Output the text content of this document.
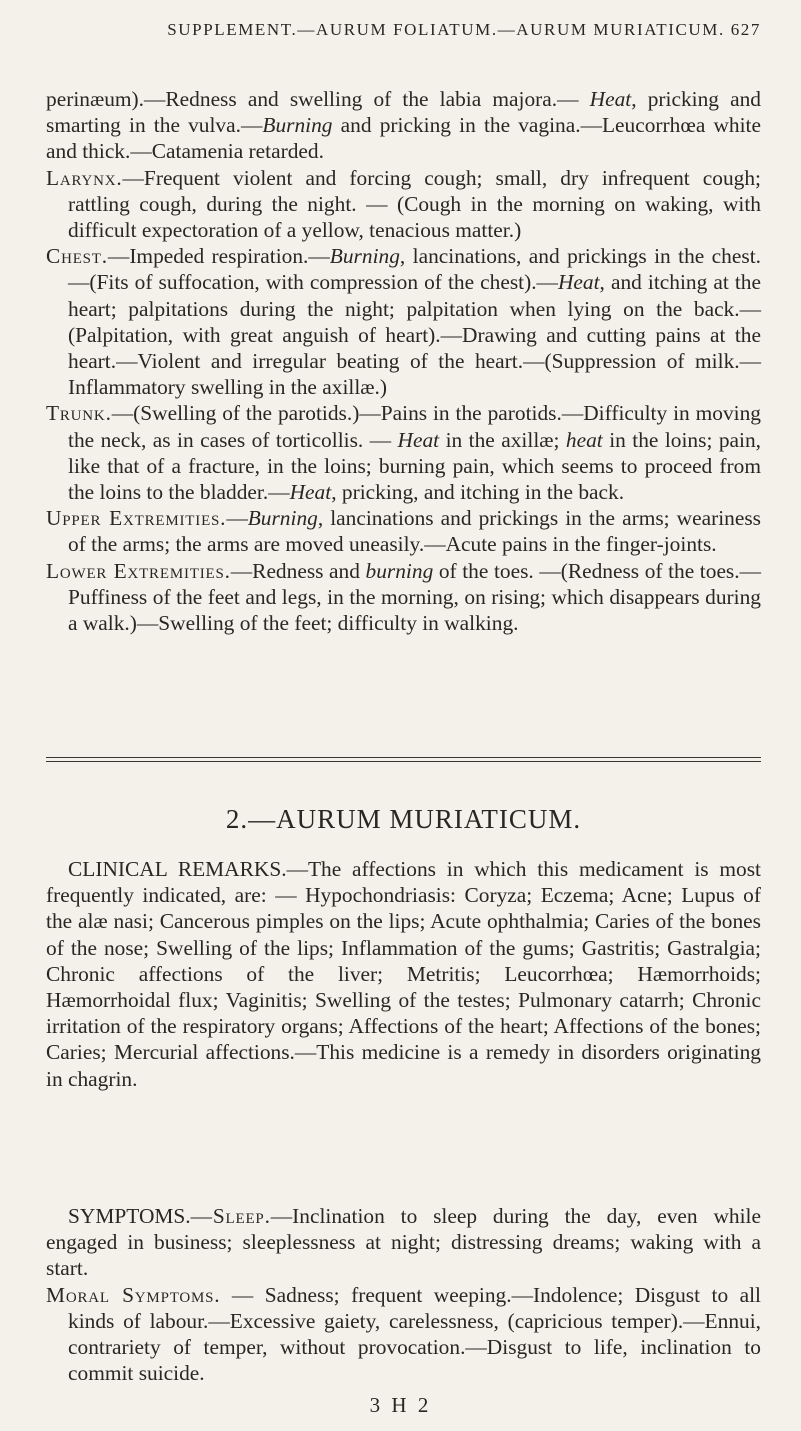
SUPPLEMENT.—AURUM FOLIATUM.—AURUM MURIATICUM. 627

perinæum).—Redness and swelling of the labia majora.— Heat, pricking and smarting in the vulva.—Burning and pricking in the vagina.—Leucorrhœa white and thick.—Catamenia retarded.

Larynx.—Frequent violent and forcing cough; small, dry infrequent cough; rattling cough, during the night. — (Cough in the morning on waking, with difficult expectoration of a yellow, tenacious matter.)

Chest.—Impeded respiration.—Burning, lancinations, and prickings in the chest.—(Fits of suffocation, with compression of the chest).—Heat, and itching at the heart; palpitations during the night; palpitation when lying on the back.—(Palpitation, with great anguish of heart).—Drawing and cutting pains at the heart.—Violent and irregular beating of the heart.—(Suppression of milk.—Inflammatory swelling in the axillæ.)

Trunk.—(Swelling of the parotids.)—Pains in the parotids.—Difficulty in moving the neck, as in cases of torticollis. — Heat in the axillæ; heat in the loins; pain, like that of a fracture, in the loins; burning pain, which seems to proceed from the loins to the bladder.—Heat, pricking, and itching in the back.

Upper Extremities.—Burning, lancinations and prickings in the arms; weariness of the arms; the arms are moved uneasily.—Acute pains in the finger-joints.

Lower Extremities.—Redness and burning of the toes. —(Redness of the toes.—Puffiness of the feet and legs, in the morning, on rising; which disappears during a walk.)—Swelling of the feet; difficulty in walking.

2.—AURUM MURIATICUM.

CLINICAL REMARKS.—The affections in which this medicament is most frequently indicated, are: — Hypochondriasis: Coryza; Eczema; Acne; Lupus of the alæ nasi; Cancerous pimples on the lips; Acute ophthalmia; Caries of the bones of the nose; Swelling of the lips; Inflammation of the gums; Gastritis; Gastralgia; Chronic affections of the liver; Metritis; Leucorrhœa; Hæmorrhoids; Hæmorrhoidal flux; Vaginitis; Swelling of the testes; Pulmonary catarrh; Chronic irritation of the respiratory organs; Affections of the heart; Affections of the bones; Caries; Mercurial affections.—This medicine is a remedy in disorders originating in chagrin.

SYMPTOMS.—Sleep.—Inclination to sleep during the day, even while engaged in business; sleeplessness at night; distressing dreams; waking with a start.

Moral Symptoms. — Sadness; frequent weeping.—Indolence; Disgust to all kinds of labour.—Excessive gaiety, carelessness, (capricious temper).—Ennui, contrariety of temper, without provocation.—Disgust to life, inclination to commit suicide.

3 H 2
